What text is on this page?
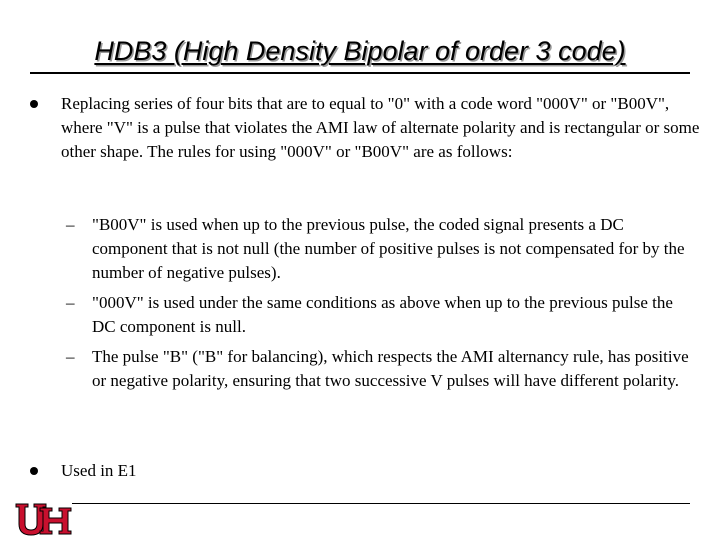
HDB3 (High Density Bipolar of order 3 code)

Replacing series of four bits that are to equal to "0" with a code word "000V" or "B00V", where "V" is a pulse that violates the AMI law of alternate polarity and is rectangular or some other shape. The rules for using "000V" or "B00V" are as follows:

– "B00V" is used when up to the previous pulse, the coded signal presents a DC component that is not null (the number of positive pulses is not compensated for by the number of negative pulses).

– "000V" is used under the same conditions as above when up to the previous pulse the DC component is null.

– The pulse "B" ("B" for balancing), which respects the AMI alternancy rule, has positive or negative polarity, ensuring that two successive V pulses will have different polarity.

Used in E1
